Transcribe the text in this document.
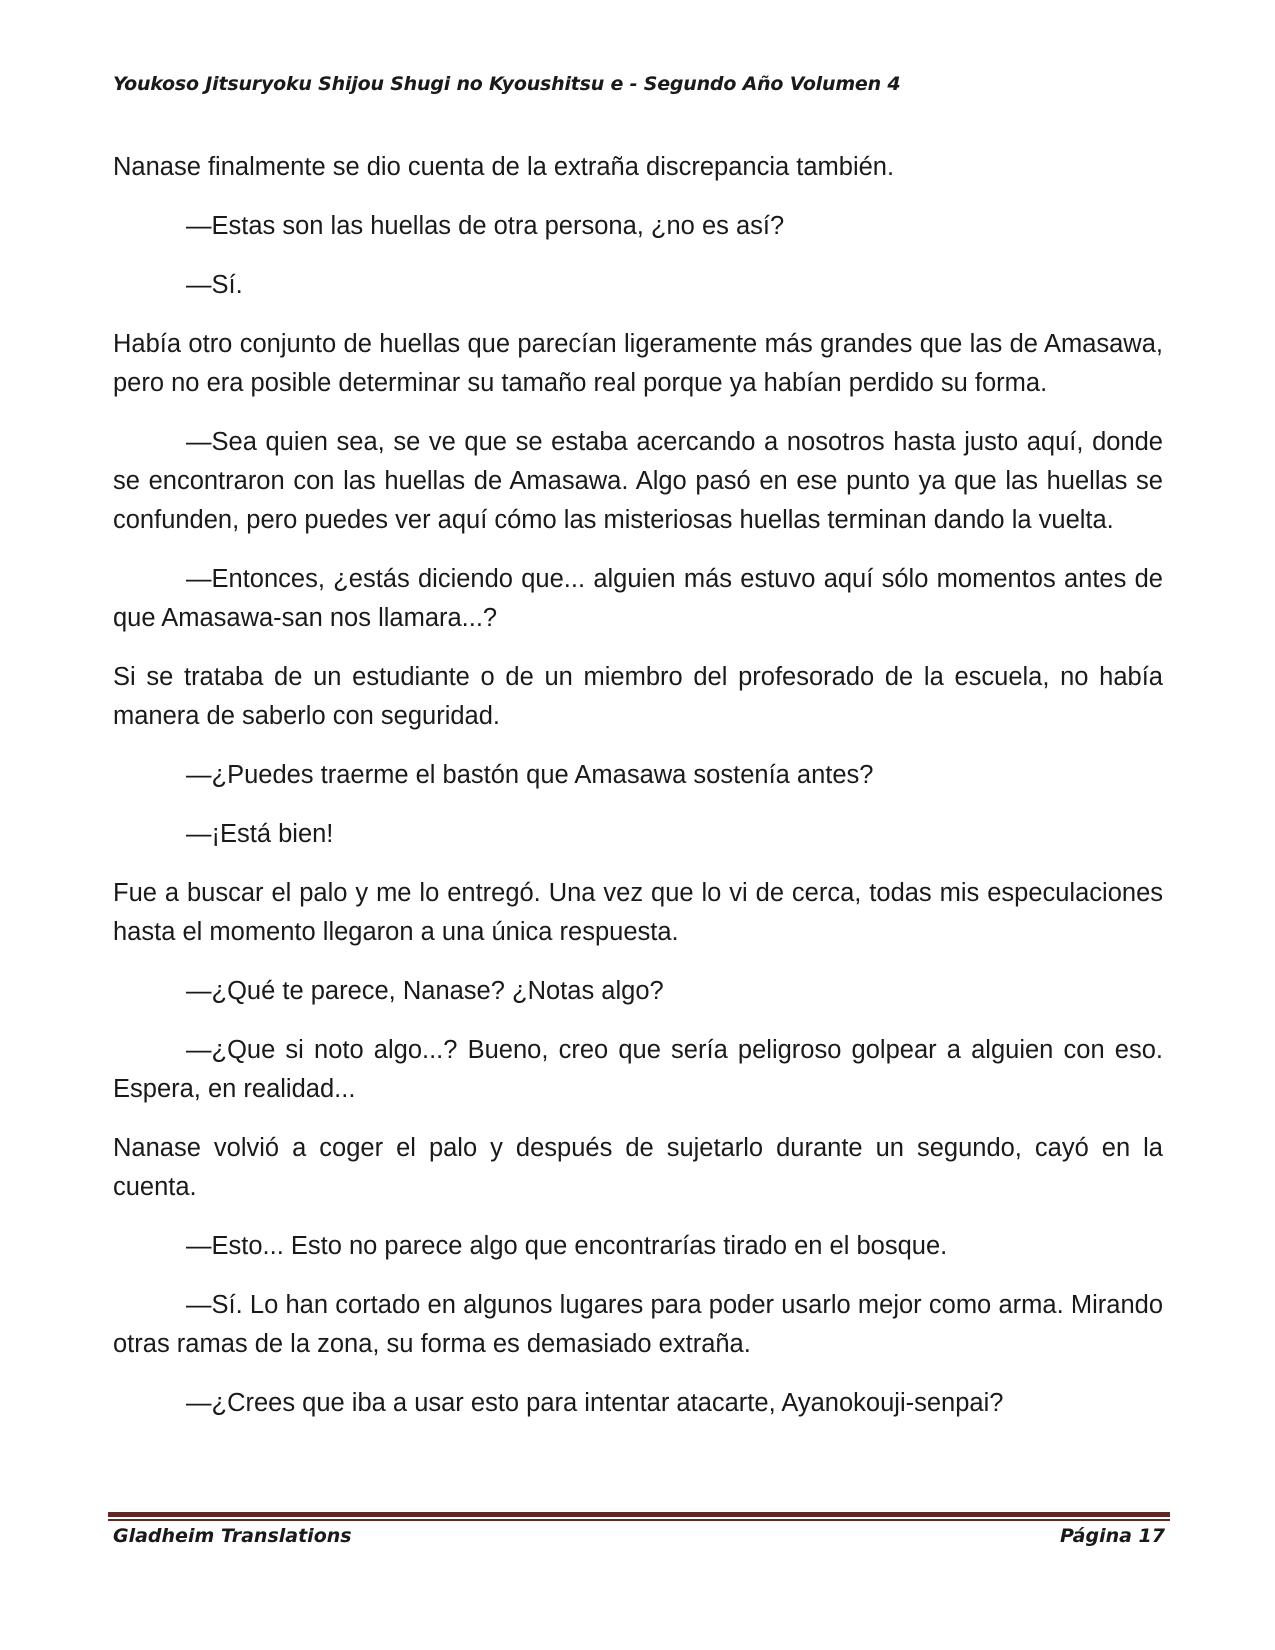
Youkoso Jitsuryoku Shijou Shugi no Kyoushitsu e - Segundo Año Volumen 4

Nanase finalmente se dio cuenta de la extraña discrepancia también.

—Estas son las huellas de otra persona, ¿no es así?

—Sí.

Había otro conjunto de huellas que parecían ligeramente más grandes que las de Amasawa, pero no era posible determinar su tamaño real porque ya habían perdido su forma.

—Sea quien sea, se ve que se estaba acercando a nosotros hasta justo aquí, donde se encontraron con las huellas de Amasawa. Algo pasó en ese punto ya que las huellas se confunden, pero puedes ver aquí cómo las misteriosas huellas terminan dando la vuelta.

—Entonces, ¿estás diciendo que... alguien más estuvo aquí sólo momentos antes de que Amasawa-san nos llamara...?

Si se trataba de un estudiante o de un miembro del profesorado de la escuela, no había manera de saberlo con seguridad.

—¿Puedes traerme el bastón que Amasawa sostenía antes?

—¡Está bien!

Fue a buscar el palo y me lo entregó. Una vez que lo vi de cerca, todas mis especulaciones hasta el momento llegaron a una única respuesta.

—¿Qué te parece, Nanase? ¿Notas algo?

—¿Que si noto algo...? Bueno, creo que sería peligroso golpear a alguien con eso. Espera, en realidad...

Nanase volvió a coger el palo y después de sujetarlo durante un segundo, cayó en la cuenta.

—Esto... Esto no parece algo que encontrarías tirado en el bosque.

—Sí. Lo han cortado en algunos lugares para poder usarlo mejor como arma. Mirando otras ramas de la zona, su forma es demasiado extraña.

—¿Crees que iba a usar esto para intentar atacarte, Ayanokouji-senpai?

Gladheim Translations	Página 17
